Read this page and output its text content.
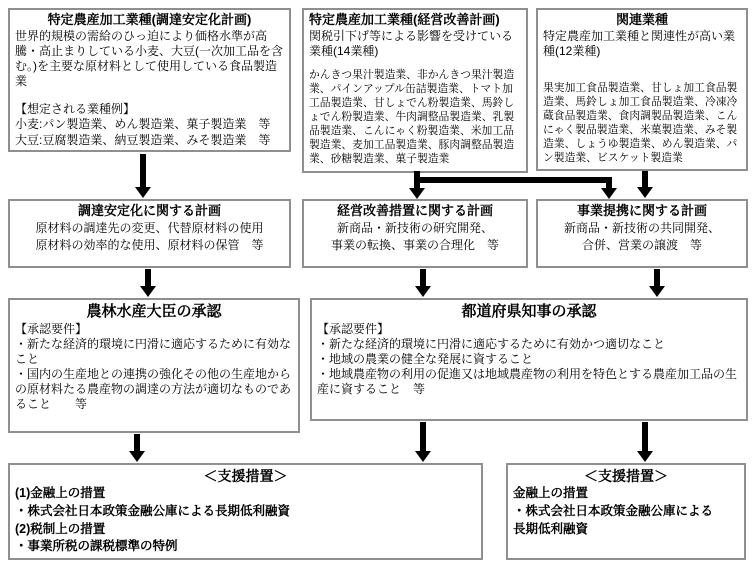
特定農産加工業種(調達安定化計画)
世界的規模の需給のひっ迫により価格水準が高騰・高止まりしている小麦、大豆(一次加工品を含む。)を主要な原材料として使用している食品製造業
【想定される業種例】
小麦:パン製造業、めん製造業、菓子製造業　等
大豆:豆腐製造業、納豆製造業、みそ製造業　等
特定農産加工業種(経営改善計画)
関税引下げ等による影響を受けている業種(14業種)
かんきつ果汁製造業、非かんきつ果汁製造業、パインアップル缶詰製造業、トマト加工品製造業、甘しょでん粉製造業、馬鈴しょでん粉製造業、牛肉調整品製造業、乳製品製造業、こんにゃく粉製造業、米加工品製造業、麦加工品製造業、豚肉調整品製造業、砂糖製造業、菓子製造業
関連業種
特定農産加工業種と関連性が高い業種(12業種)
果実加工食品製造業、甘しょ加工食品製造業、馬鈴しょ加工食品製造業、冷凍冷蔵食品製造業、食肉調製品製造業、こんにゃく製品製造業、米菓製造業、みそ製造業、しょうゆ製造業、めん製造業、パン製造業、ビスケット製造業
調達安定化に関する計画
原材料の調達先の変更、代替原材料の使用
原材料の効率的な使用、原材料の保管　等
経営改善措置に関する計画
新商品・新技術の研究開発、
事業の転換、事業の合理化　等
事業提携に関する計画
新商品・新技術の共同開発、
合併、営業の譲渡　等
農林水産大臣の承認
【承認要件】
・新たな経済的環境に円滑に適応するために有効なこと
・国内の生産地との連携の強化その他の生産地からの原材料たる農産物の調達の方法が適切なものであること　　等
都道府県知事の承認
【承認要件】
・新たな経済的環境に円滑に適応するために有効かつ適切なこと
・地域の農業の健全な発展に資すること
・地域農産物の利用の促進又は地域農産物の利用を特色とする農産加工品の生産に資すること　等
＜支援措置＞
(1)金融上の措置
・株式会社日本政策金融公庫による長期低利融資
(2)税制上の措置
・事業所税の課税標準の特例
＜支援措置＞
金融上の措置
・株式会社日本政策金融公庫による
長期低利融資
